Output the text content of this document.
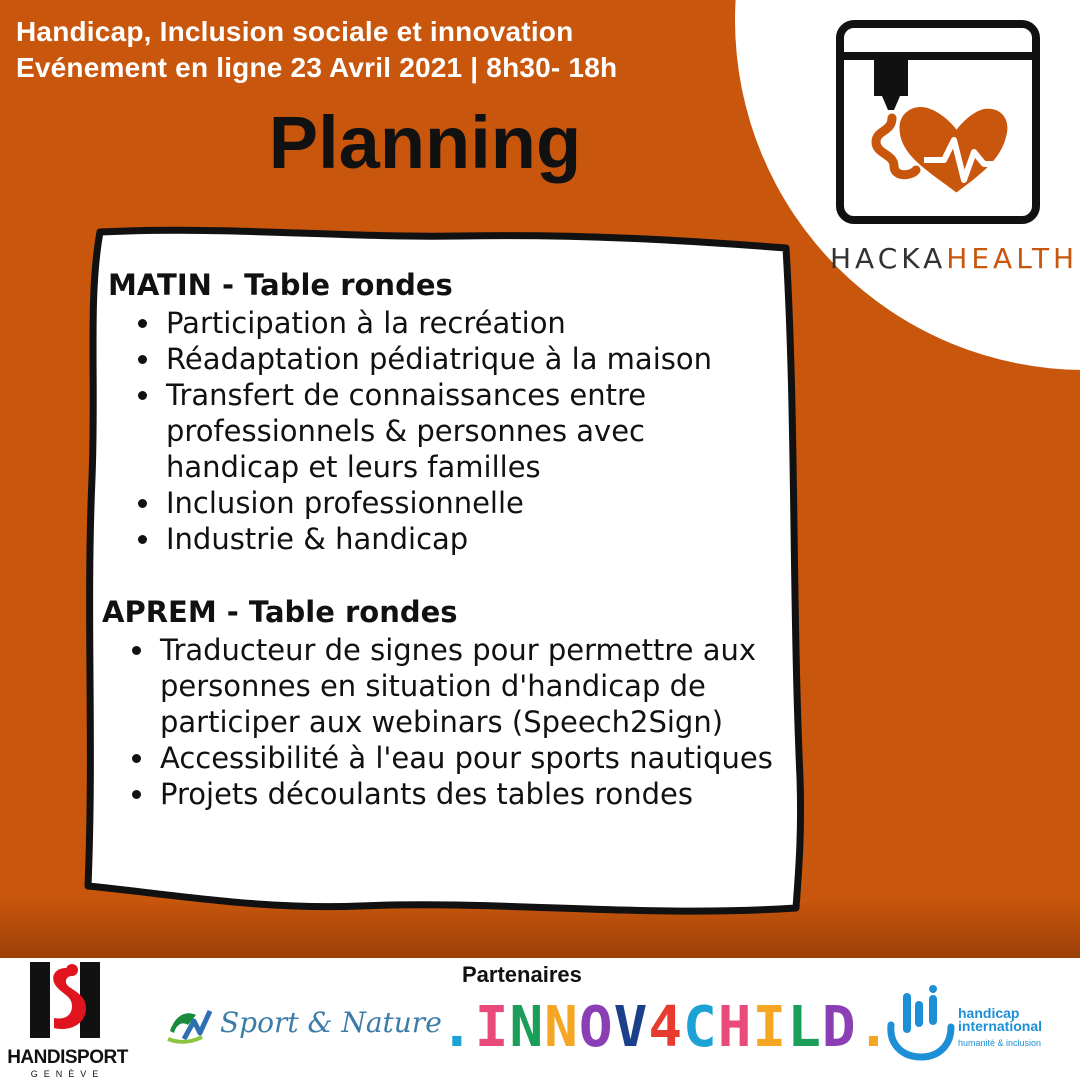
Handicap, Inclusion sociale et innovation
Evénement en ligne 23 Avril 2021 | 8h30- 18h
Planning
HACKAHEALTH
MATIN - Table rondes
Participation à la recréation
Réadaptation pédiatrique à la maison
Transfert de connaissances entre professionnels & personnes avec handicap et leurs familles
Inclusion professionnelle
Industrie & handicap
APREM - Table rondes
Traducteur de signes pour permettre aux personnes en situation d'handicap de participer aux webinars (Speech2Sign)
Accessibilité à l'eau pour sports nautiques
Projets découlants des tables rondes
Partenaires
HANDISPORT
GENÈVE
Sport & Nature
.INNOV4CHILD.	handicap
international
humanité & inclusion
